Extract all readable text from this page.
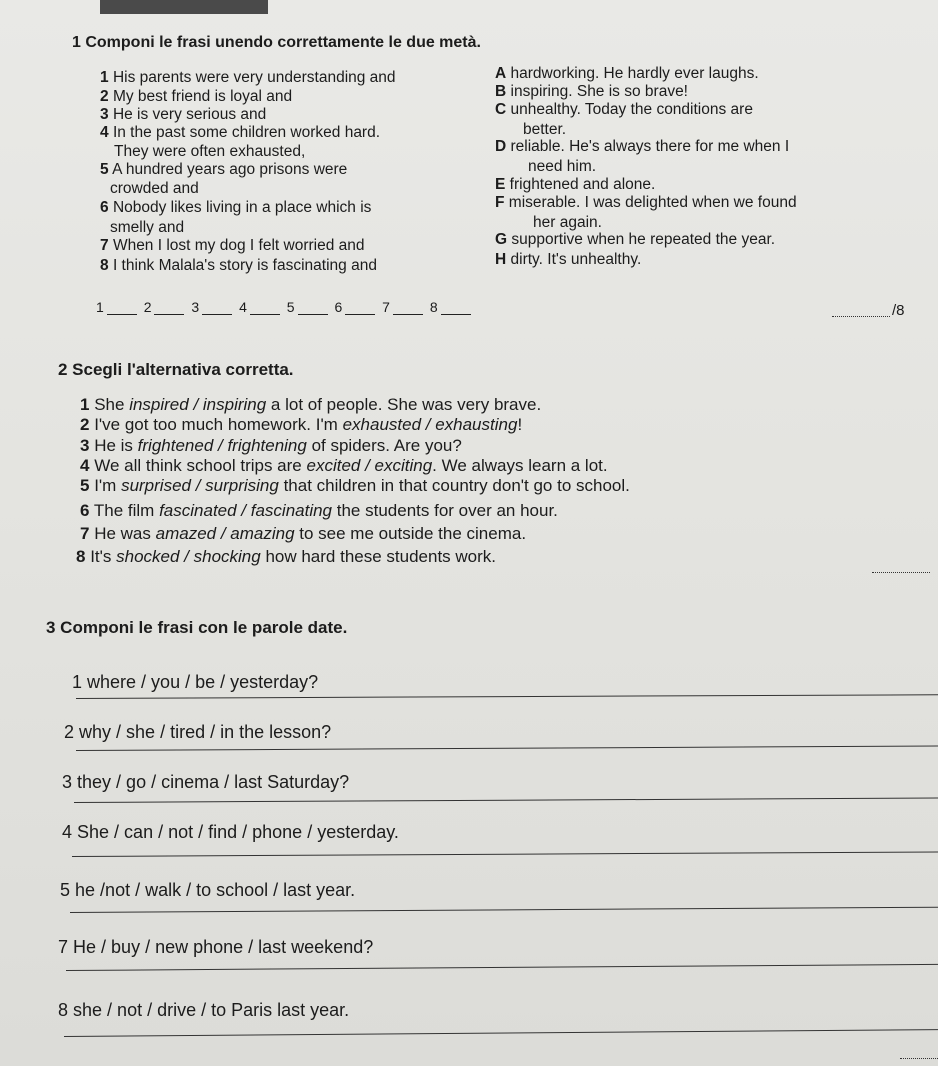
1 Componi le frasi unendo correttamente le due metà.
1 His parents were very understanding and
2 My best friend is loyal and
3 He is very serious and
4 In the past some children worked hard.
They were often exhausted,
5 A hundred years ago prisons were
crowded and
6 Nobody likes living in a place which is
smelly and
7 When I lost my dog I felt worried and
8 I think Malala's story is fascinating and
A hardworking. He hardly ever laughs.
B inspiring. She is so brave!
C unhealthy. Today the conditions are
better.
D reliable. He's always there for me when I
need him.
E frightened and alone.
F miserable. I was delighted when we found
her again.
G supportive when he repeated the year.
H dirty. It's unhealthy.
1	2	3	4	5	6	7	8	/8
2 Scegli l'alternativa corretta.
1 She inspired / inspiring a lot of people. She was very brave.
2 I've got too much homework. I'm exhausted / exhausting!
3 He is frightened / frightening of spiders. Are you?
4 We all think school trips are excited / exciting. We always learn a lot.
5 I'm surprised / surprising that children in that country don't go to school.
6 The film fascinated / fascinating the students for over an hour.
7 He was amazed / amazing to see me outside the cinema.
8 It's shocked / shocking how hard these students work.
3 Componi le frasi con le parole date.
1 where / you / be / yesterday?
2 why / she / tired / in the lesson?
3 they / go / cinema / last Saturday?
4 She / can / not / find / phone / yesterday.
5 he /not / walk / to school / last year.
7 He / buy / new phone / last weekend?
8 she / not / drive / to Paris last year.
